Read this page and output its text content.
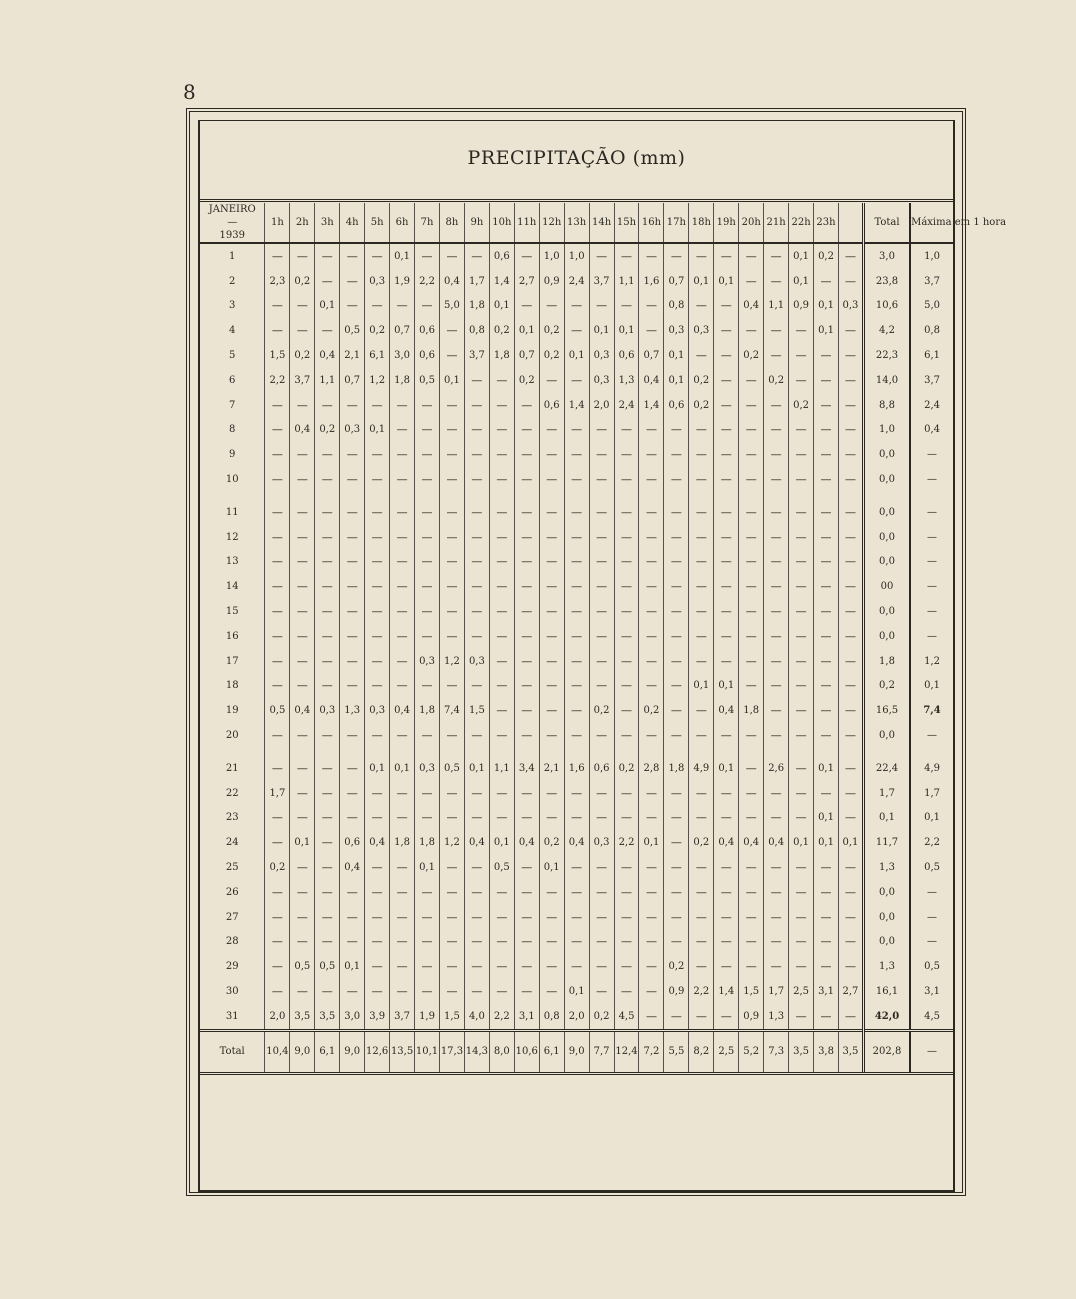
8
PRECIPITAÇÃO (mm)
JANEIRO
—
1939	1h	2h	3h	4h	5h	6h	7h	8h	9h	10h	11h	12h	13h	14h	15h	16h	17h	18h	19h	20h	21h	22h	23h		Total	Máxima em 1 hora
1	—	—	—	—	—	0,1	—	—	—	0,6	—	1,0	1,0	—	—	—	—	—	—	—	—	0,1	0,2	—	3,0	1,0
2	2,3	0,2	—	—	0,3	1,9	2,2	0,4	1,7	1,4	2,7	0,9	2,4	3,7	1,1	1,6	0,7	0,1	0,1	—	—	0,1	—	—	23,8	3,7
3	—	—	0,1	—	—	—	—	5,0	1,8	0,1	—	—	—	—	—	—	0,8	—	—	0,4	1,1	0,9	0,1	0,3	10,6	5,0
4	—	—	—	0,5	0,2	0,7	0,6	—	0,8	0,2	0,1	0,2	—	0,1	0,1	—	0,3	0,3	—	—	—	—	0,1	—	4,2	0,8
5	1,5	0,2	0,4	2,1	6,1	3,0	0,6	—	3,7	1,8	0,7	0,2	0,1	0,3	0,6	0,7	0,1	—	—	0,2	—	—	—	—	22,3	6,1
6	2,2	3,7	1,1	0,7	1,2	1,8	0,5	0,1	—	—	0,2	—	—	0,3	1,3	0,4	0,1	0,2	—	—	0,2	—	—	—	14,0	3,7
7	—	—	—	—	—	—	—	—	—	—	—	0,6	1,4	2,0	2,4	1,4	0,6	0,2	—	—	—	0,2	—	—	8,8	2,4
8	—	0,4	0,2	0,3	0,1	—	—	—	—	—	—	—	—	—	—	—	—	—	—	—	—	—	—	—	1,0	0,4
9	—	—	—	—	—	—	—	—	—	—	—	—	—	—	—	—	—	—	—	—	—	—	—	—	0,0	—
10	—	—	—	—	—	—	—	—	—	—	—	—	—	—	—	—	—	—	—	—	—	—	—	—	0,0	—
11	—	—	—	—	—	—	—	—	—	—	—	—	—	—	—	—	—	—	—	—	—	—	—	—	0,0	—
12	—	—	—	—	—	—	—	—	—	—	—	—	—	—	—	—	—	—	—	—	—	—	—	—	0,0	—
13	—	—	—	—	—	—	—	—	—	—	—	—	—	—	—	—	—	—	—	—	—	—	—	—	0,0	—
14	—	—	—	—	—	—	—	—	—	—	—	—	—	—	—	—	—	—	—	—	—	—	—	—	00	—
15	—	—	—	—	—	—	—	—	—	—	—	—	—	—	—	—	—	—	—	—	—	—	—	—	0,0	—
16	—	—	—	—	—	—	—	—	—	—	—	—	—	—	—	—	—	—	—	—	—	—	—	—	0,0	—
17	—	—	—	—	—	—	0,3	1,2	0,3	—	—	—	—	—	—	—	—	—	—	—	—	—	—	—	1,8	1,2
18	—	—	—	—	—	—	—	—	—	—	—	—	—	—	—	—	—	0,1	0,1	—	—	—	—	—	0,2	0,1
19	0,5	0,4	0,3	1,3	0,3	0,4	1,8	7,4	1,5	—	—	—	—	0,2	—	0,2	—	—	0,4	1,8	—	—	—	—	16,5	7,4
20	—	—	—	—	—	—	—	—	—	—	—	—	—	—	—	—	—	—	—	—	—	—	—	—	0,0	—
21	—	—	—	—	0,1	0,1	0,3	0,5	0,1	1,1	3,4	2,1	1,6	0,6	0,2	2,8	1,8	4,9	0,1	—	2,6	—	0,1	—	22,4	4,9
22	1,7	—	—	—	—	—	—	—	—	—	—	—	—	—	—	—	—	—	—	—	—	—	—	—	1,7	1,7
23	—	—	—	—	—	—	—	—	—	—	—	—	—	—	—	—	—	—	—	—	—	—	0,1	—	0,1	0,1
24	—	0,1	—	0,6	0,4	1,8	1,8	1,2	0,4	0,1	0,4	0,2	0,4	0,3	2,2	0,1	—	0,2	0,4	0,4	0,4	0,1	0,1	0,1	11,7	2,2
25	0,2	—	—	0,4	—	—	0,1	—	—	0,5	—	0,1	—	—	—	—	—	—	—	—	—	—	—	—	1,3	0,5
26	—	—	—	—	—	—	—	—	—	—	—	—	—	—	—	—	—	—	—	—	—	—	—	—	0,0	—
27	—	—	—	—	—	—	—	—	—	—	—	—	—	—	—	—	—	—	—	—	—	—	—	—	0,0	—
28	—	—	—	—	—	—	—	—	—	—	—	—	—	—	—	—	—	—	—	—	—	—	—	—	0,0	—
29	—	0,5	0,5	0,1	—	—	—	—	—	—	—	—	—	—	—	—	0,2	—	—	—	—	—	—	—	1,3	0,5
30	—	—	—	—	—	—	—	—	—	—	—	—	0,1	—	—	—	0,9	2,2	1,4	1,5	1,7	2,5	3,1	2,7	16,1	3,1
31	2,0	3,5	3,5	3,0	3,9	3,7	1,9	1,5	4,0	2,2	3,1	0,8	2,0	0,2	4,5	—	—	—	—	0,9	1,3	—	—	—	42,0	4,5
Total	10,4	9,0	6,1	9,0	12,6	13,5	10,1	17,3	14,3	8,0	10,6	6,1	9,0	7,7	12,4	7,2	5,5	8,2	2,5	5,2	7,3	3,5	3,8	3,5	202,8	—
